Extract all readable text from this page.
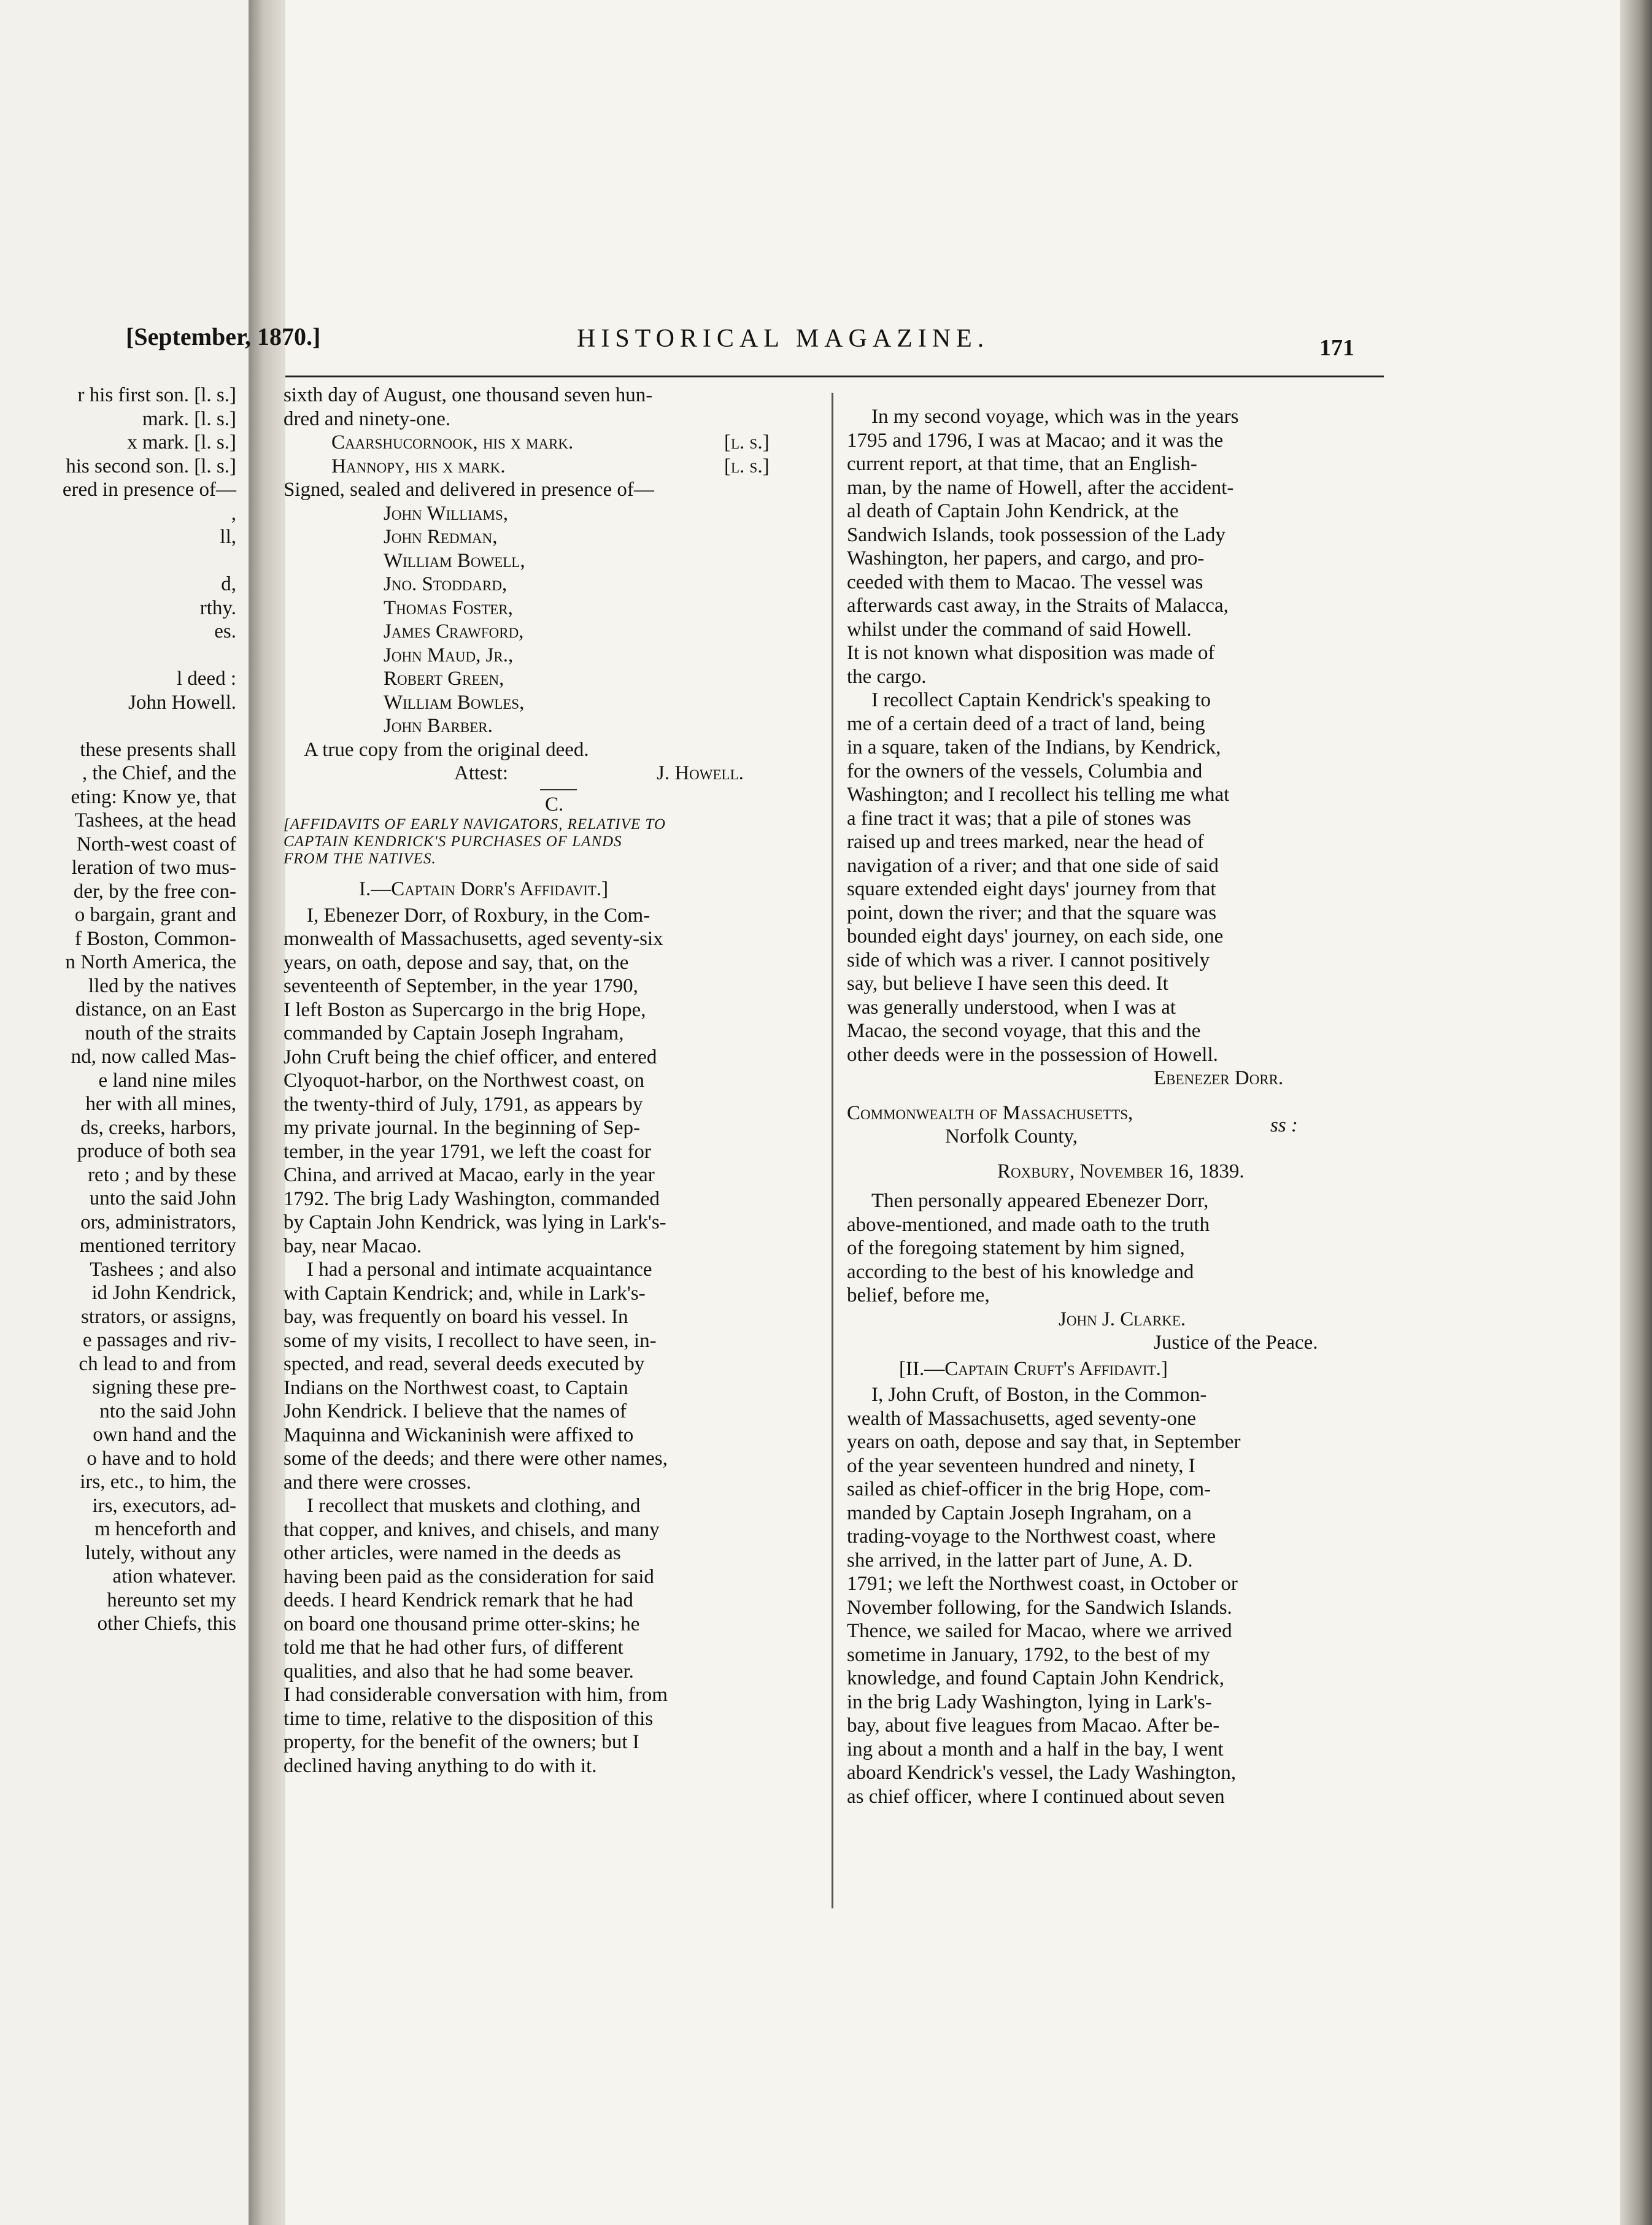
r his first son. [l. s.]
mark. [l. s.]
x mark. [l. s.]
his second son. [l. s.]
ered in presence of—
,
ll,
d,
rthy.
es.
l deed :
John Howell.
these presents shall
, the Chief, and the
eting: Know ye, that
Tashees, at the head
North-west coast of
leration of two mus-
der, by the free con-
o bargain, grant and
f Boston, Common-
n North America, the
lled by the natives
distance, on an East
nouth of the straits
nd, now called Mas-
e land nine miles
her with all mines,
ds, creeks, harbors,
produce of both sea
reto ; and by these
unto the said John
ors, administrators,
mentioned territory
Tashees ; and also
id John Kendrick,
strators, or assigns,
e passages and riv-
ch lead to and from
signing these pre-
nto the said John
own hand and the
o have and to hold
irs, etc., to him, the
irs, executors, ad-
m henceforth and
lutely, without any
ation whatever.
hereunto set my
other Chiefs, this
[September, 1870.]	HISTORICAL MAGAZINE.	171
sixth day of August, one thousand seven hun-
dred and ninety-one.
Caarshucornook, his x mark.	[l. s.]
Hannopy, his x mark.	[l. s.]
Signed, sealed and delivered in presence of—
John Williams,
John Redman,
William Bowell,
Jno. Stoddard,
Thomas Foster,
James Crawford,
John Maud, Jr.,
Robert Green,
William Bowles,
John Barber.
A true copy from the original deed.
Attest:	J. Howell.
C.
[AFFIDAVITS OF EARLY NAVIGATORS, RELATIVE TO
CAPTAIN KENDRICK'S PURCHASES OF LANDS
FROM THE NATIVES.
I.—Captain Dorr's Affidavit.]
I, Ebenezer Dorr, of Roxbury, in the Com-
monwealth of Massachusetts, aged seventy-six
years, on oath, depose and say, that, on the
seventeenth of September, in the year 1790,
I left Boston as Supercargo in the brig Hope,
commanded by Captain Joseph Ingraham,
John Cruft being the chief officer, and entered
Clyoquot-harbor, on the Northwest coast, on
the twenty-third of July, 1791, as appears by
my private journal. In the beginning of Sep-
tember, in the year 1791, we left the coast for
China, and arrived at Macao, early in the year
1792. The brig Lady Washington, commanded
by Captain John Kendrick, was lying in Lark's-
bay, near Macao.
I had a personal and intimate acquaintance
with Captain Kendrick; and, while in Lark's-
bay, was frequently on board his vessel. In
some of my visits, I recollect to have seen, in-
spected, and read, several deeds executed by
Indians on the Northwest coast, to Captain
John Kendrick. I believe that the names of
Maquinna and Wickaninish were affixed to
some of the deeds; and there were other names,
and there were crosses.
I recollect that muskets and clothing, and
that copper, and knives, and chisels, and many
other articles, were named in the deeds as
having been paid as the consideration for said
deeds. I heard Kendrick remark that he had
on board one thousand prime otter-skins; he
told me that he had other furs, of different
qualities, and also that he had some beaver.
I had considerable conversation with him, from
time to time, relative to the disposition of this
property, for the benefit of the owners; but I
declined having anything to do with it.
In my second voyage, which was in the years
1795 and 1796, I was at Macao; and it was the
current report, at that time, that an English-
man, by the name of Howell, after the accident-
al death of Captain John Kendrick, at the
Sandwich Islands, took possession of the Lady
Washington, her papers, and cargo, and pro-
ceeded with them to Macao. The vessel was
afterwards cast away, in the Straits of Malacca,
whilst under the command of said Howell.
It is not known what disposition was made of
the cargo.
I recollect Captain Kendrick's speaking to
me of a certain deed of a tract of land, being
in a square, taken of the Indians, by Kendrick,
for the owners of the vessels, Columbia and
Washington; and I recollect his telling me what
a fine tract it was; that a pile of stones was
raised up and trees marked, near the head of
navigation of a river; and that one side of said
square extended eight days' journey from that
point, down the river; and that the square was
bounded eight days' journey, on each side, one
side of which was a river. I cannot positively
say, but believe I have seen this deed. It
was generally understood, when I was at
Macao, the second voyage, that this and the
other deeds were in the possession of Howell.
Ebenezer Dorr.
Commonwealth of Massachusetts,
ss :
Norfolk County,
Roxbury, November 16, 1839.
Then personally appeared Ebenezer Dorr,
above-mentioned, and made oath to the truth
of the foregoing statement by him signed,
according to the best of his knowledge and
belief, before me,
John J. Clarke.
Justice of the Peace.
[II.—Captain Cruft's Affidavit.]
I, John Cruft, of Boston, in the Common-
wealth of Massachusetts, aged seventy-one
years on oath, depose and say that, in September
of the year seventeen hundred and ninety, I
sailed as chief-officer in the brig Hope, com-
manded by Captain Joseph Ingraham, on a
trading-voyage to the Northwest coast, where
she arrived, in the latter part of June, A. D.
1791; we left the Northwest coast, in October or
November following, for the Sandwich Islands.
Thence, we sailed for Macao, where we arrived
sometime in January, 1792, to the best of my
knowledge, and found Captain John Kendrick,
in the brig Lady Washington, lying in Lark's-
bay, about five leagues from Macao. After be-
ing about a month and a half in the bay, I went
aboard Kendrick's vessel, the Lady Washington,
as chief officer, where I continued about seven
